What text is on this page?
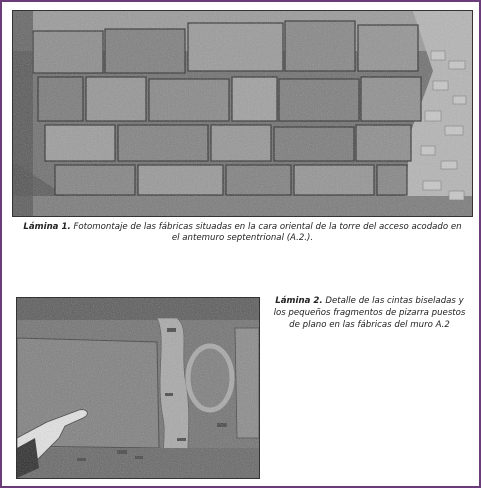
Lámina 1. Fotomontaje de las fábricas situadas en la cara oriental de la torre del acceso acodado en el antemuro septentrional (A.2.).
Lámina 2. Detalle de las cintas biseladas y los pequeños fragmentos de pizarra puestos de plano en las fábricas del muro A.2
